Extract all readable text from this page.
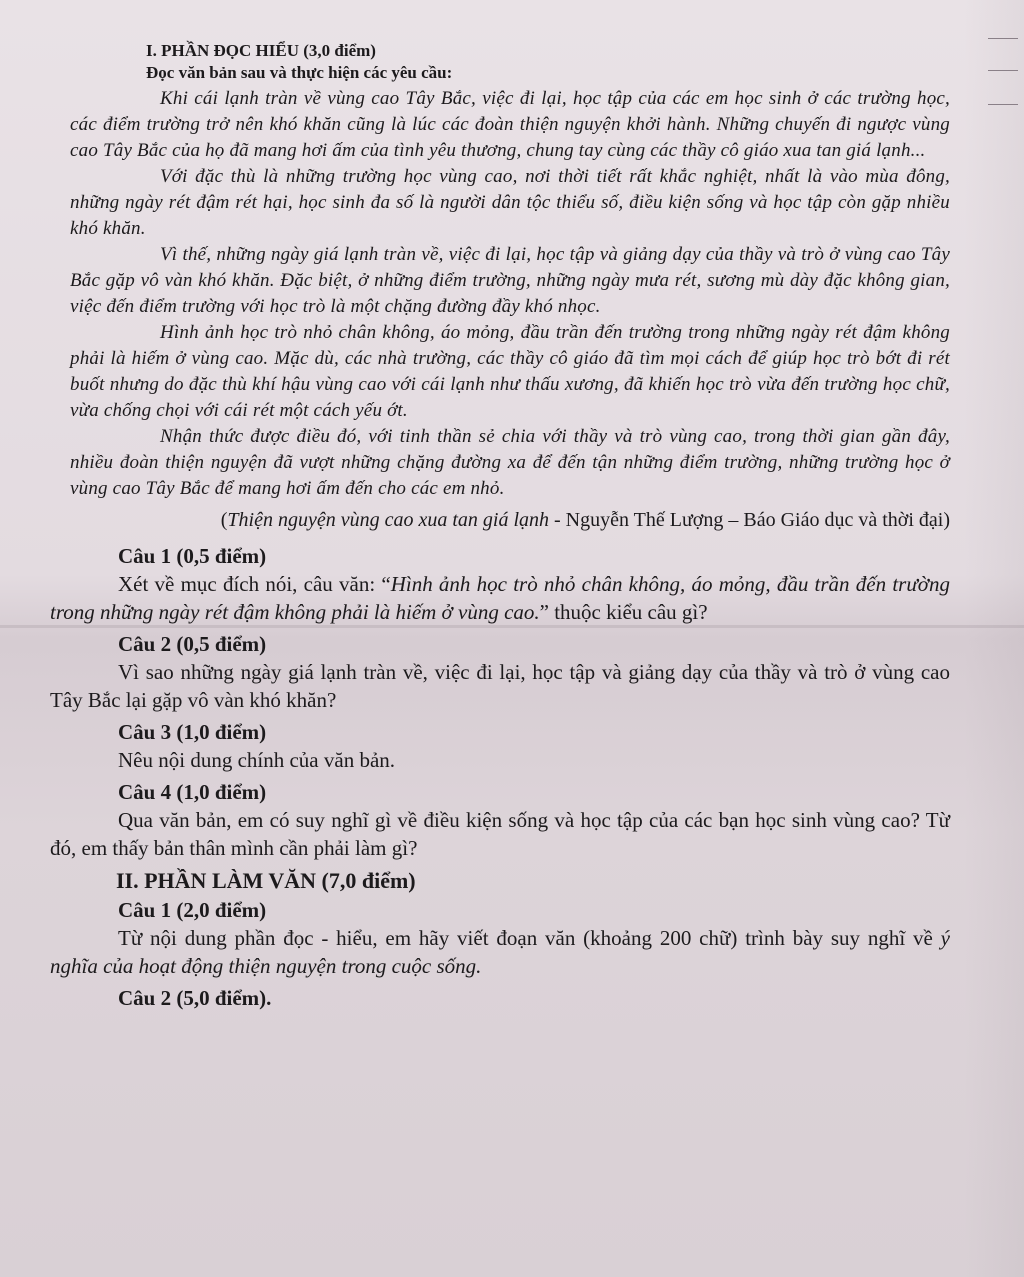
I. PHẦN ĐỌC HIỂU (3,0 điểm)

Đọc văn bản sau và thực hiện các yêu cầu:

Khi cái lạnh tràn về vùng cao Tây Bắc, việc đi lại, học tập của các em học sinh ở các trường học, các điểm trường trở nên khó khăn cũng là lúc các đoàn thiện nguyện khởi hành. Những chuyến đi ngược vùng cao Tây Bắc của họ đã mang hơi ấm của tình yêu thương, chung tay cùng các thầy cô giáo xua tan giá lạnh...

Với đặc thù là những trường học vùng cao, nơi thời tiết rất khắc nghiệt, nhất là vào mùa đông, những ngày rét đậm rét hại, học sinh đa số là người dân tộc thiểu số, điều kiện sống và học tập còn gặp nhiều khó khăn.

Vì thế, những ngày giá lạnh tràn về, việc đi lại, học tập và giảng dạy của thầy và trò ở vùng cao Tây Bắc gặp vô vàn khó khăn. Đặc biệt, ở những điểm trường, những ngày mưa rét, sương mù dày đặc không gian, việc đến điểm trường với học trò là một chặng đường đầy khó nhọc.

Hình ảnh học trò nhỏ chân không, áo mỏng, đầu trần đến trường trong những ngày rét đậm không phải là hiếm ở vùng cao. Mặc dù, các nhà trường, các thầy cô giáo đã tìm mọi cách để giúp học trò bớt đi rét buốt nhưng do đặc thù khí hậu vùng cao với cái lạnh như thấu xương, đã khiến học trò vừa đến trường học chữ, vừa chống chọi với cái rét một cách yếu ớt.

Nhận thức được điều đó, với tinh thần sẻ chia với thầy và trò vùng cao, trong thời gian gần đây, nhiều đoàn thiện nguyện đã vượt những chặng đường xa để đến tận những điểm trường, những trường học ở vùng cao Tây Bắc để mang hơi ấm đến cho các em nhỏ.

(Thiện nguyện vùng cao xua tan giá lạnh - Nguyễn Thế Lượng – Báo Giáo dục và thời đại)

Câu 1 (0,5 điểm)

Xét về mục đích nói, câu văn: “Hình ảnh học trò nhỏ chân không, áo mỏng, đầu trần đến trường trong những ngày rét đậm không phải là hiếm ở vùng cao.” thuộc kiểu câu gì?

Câu 2 (0,5 điểm)

Vì sao những ngày giá lạnh tràn về, việc đi lại, học tập và giảng dạy của thầy và trò ở vùng cao Tây Bắc lại gặp vô vàn khó khăn?

Câu 3 (1,0 điểm)

Nêu nội dung chính của văn bản.

Câu 4 (1,0 điểm)

Qua văn bản, em có suy nghĩ gì về điều kiện sống và học tập của các bạn học sinh vùng cao? Từ đó, em thấy bản thân mình cần phải làm gì?

II. PHẦN LÀM VĂN (7,0 điểm)

Câu 1 (2,0 điểm)

Từ nội dung phần đọc - hiểu, em hãy viết đoạn văn (khoảng 200 chữ) trình bày suy nghĩ về ý nghĩa của hoạt động thiện nguyện trong cuộc sống.

Câu 2 (5,0 điểm).
